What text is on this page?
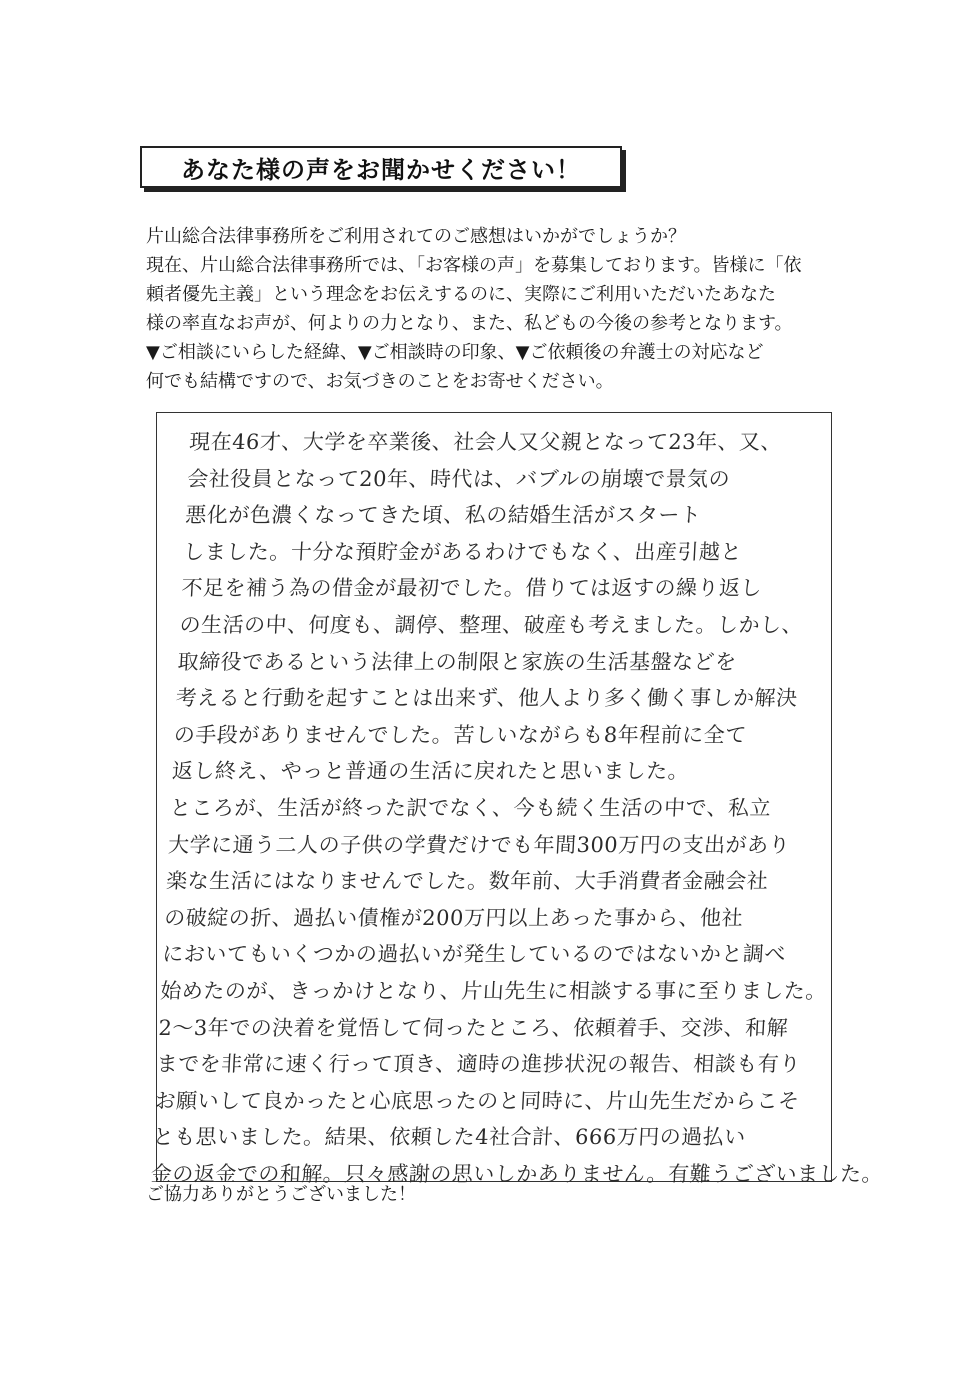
あなた様の声をお聞かせください！

片山総合法律事務所をご利用されてのご感想はいかがでしょうか？

現在、片山総合法律事務所では、「お客様の声」を募集しております。皆様に「依

頼者優先主義」という理念をお伝えするのに、実際にご利用いただいたあなた

様の率直なお声が、何よりの力となり、また、私どもの今後の参考となります。

▼ご相談にいらした経緯、▼ご相談時の印象、▼ご依頼後の弁護士の対応など

何でも結構ですので、お気づきのことをお寄せください。

現在46才、大学を卒業後、社会人又父親となって23年、又、

会社役員となって20年、時代は、バブルの崩壊で景気の

悪化が色濃くなってきた頃、私の結婚生活がスタート

しました。十分な預貯金があるわけでもなく、出産引越と

不足を補う為の借金が最初でした。借りては返すの繰り返し

の生活の中、何度も、調停、整理、破産も考えました。しかし、

取締役であるという法律上の制限と家族の生活基盤などを

考えると行動を起すことは出来ず、他人より多く働く事しか解決

の手段がありませんでした。苦しいながらも8年程前に全て

返し終え、やっと普通の生活に戻れたと思いました。

ところが、生活が終った訳でなく、今も続く生活の中で、私立

大学に通う二人の子供の学費だけでも年間300万円の支出があり

楽な生活にはなりませんでした。数年前、大手消費者金融会社

の破綻の折、過払い債権が200万円以上あった事から、他社

においてもいくつかの過払いが発生しているのではないかと調べ

始めたのが、きっかけとなり、片山先生に相談する事に至りました。

2～3年での決着を覚悟して伺ったところ、依頼着手、交渉、和解

までを非常に速く行って頂き、適時の進捗状況の報告、相談も有り

お願いして良かったと心底思ったのと同時に、片山先生だからこそ

とも思いました。結果、依頼した4社合計、666万円の過払い

金の返金での和解。只々感謝の思いしかありません。有難うございました。

ご協力ありがとうございました！
